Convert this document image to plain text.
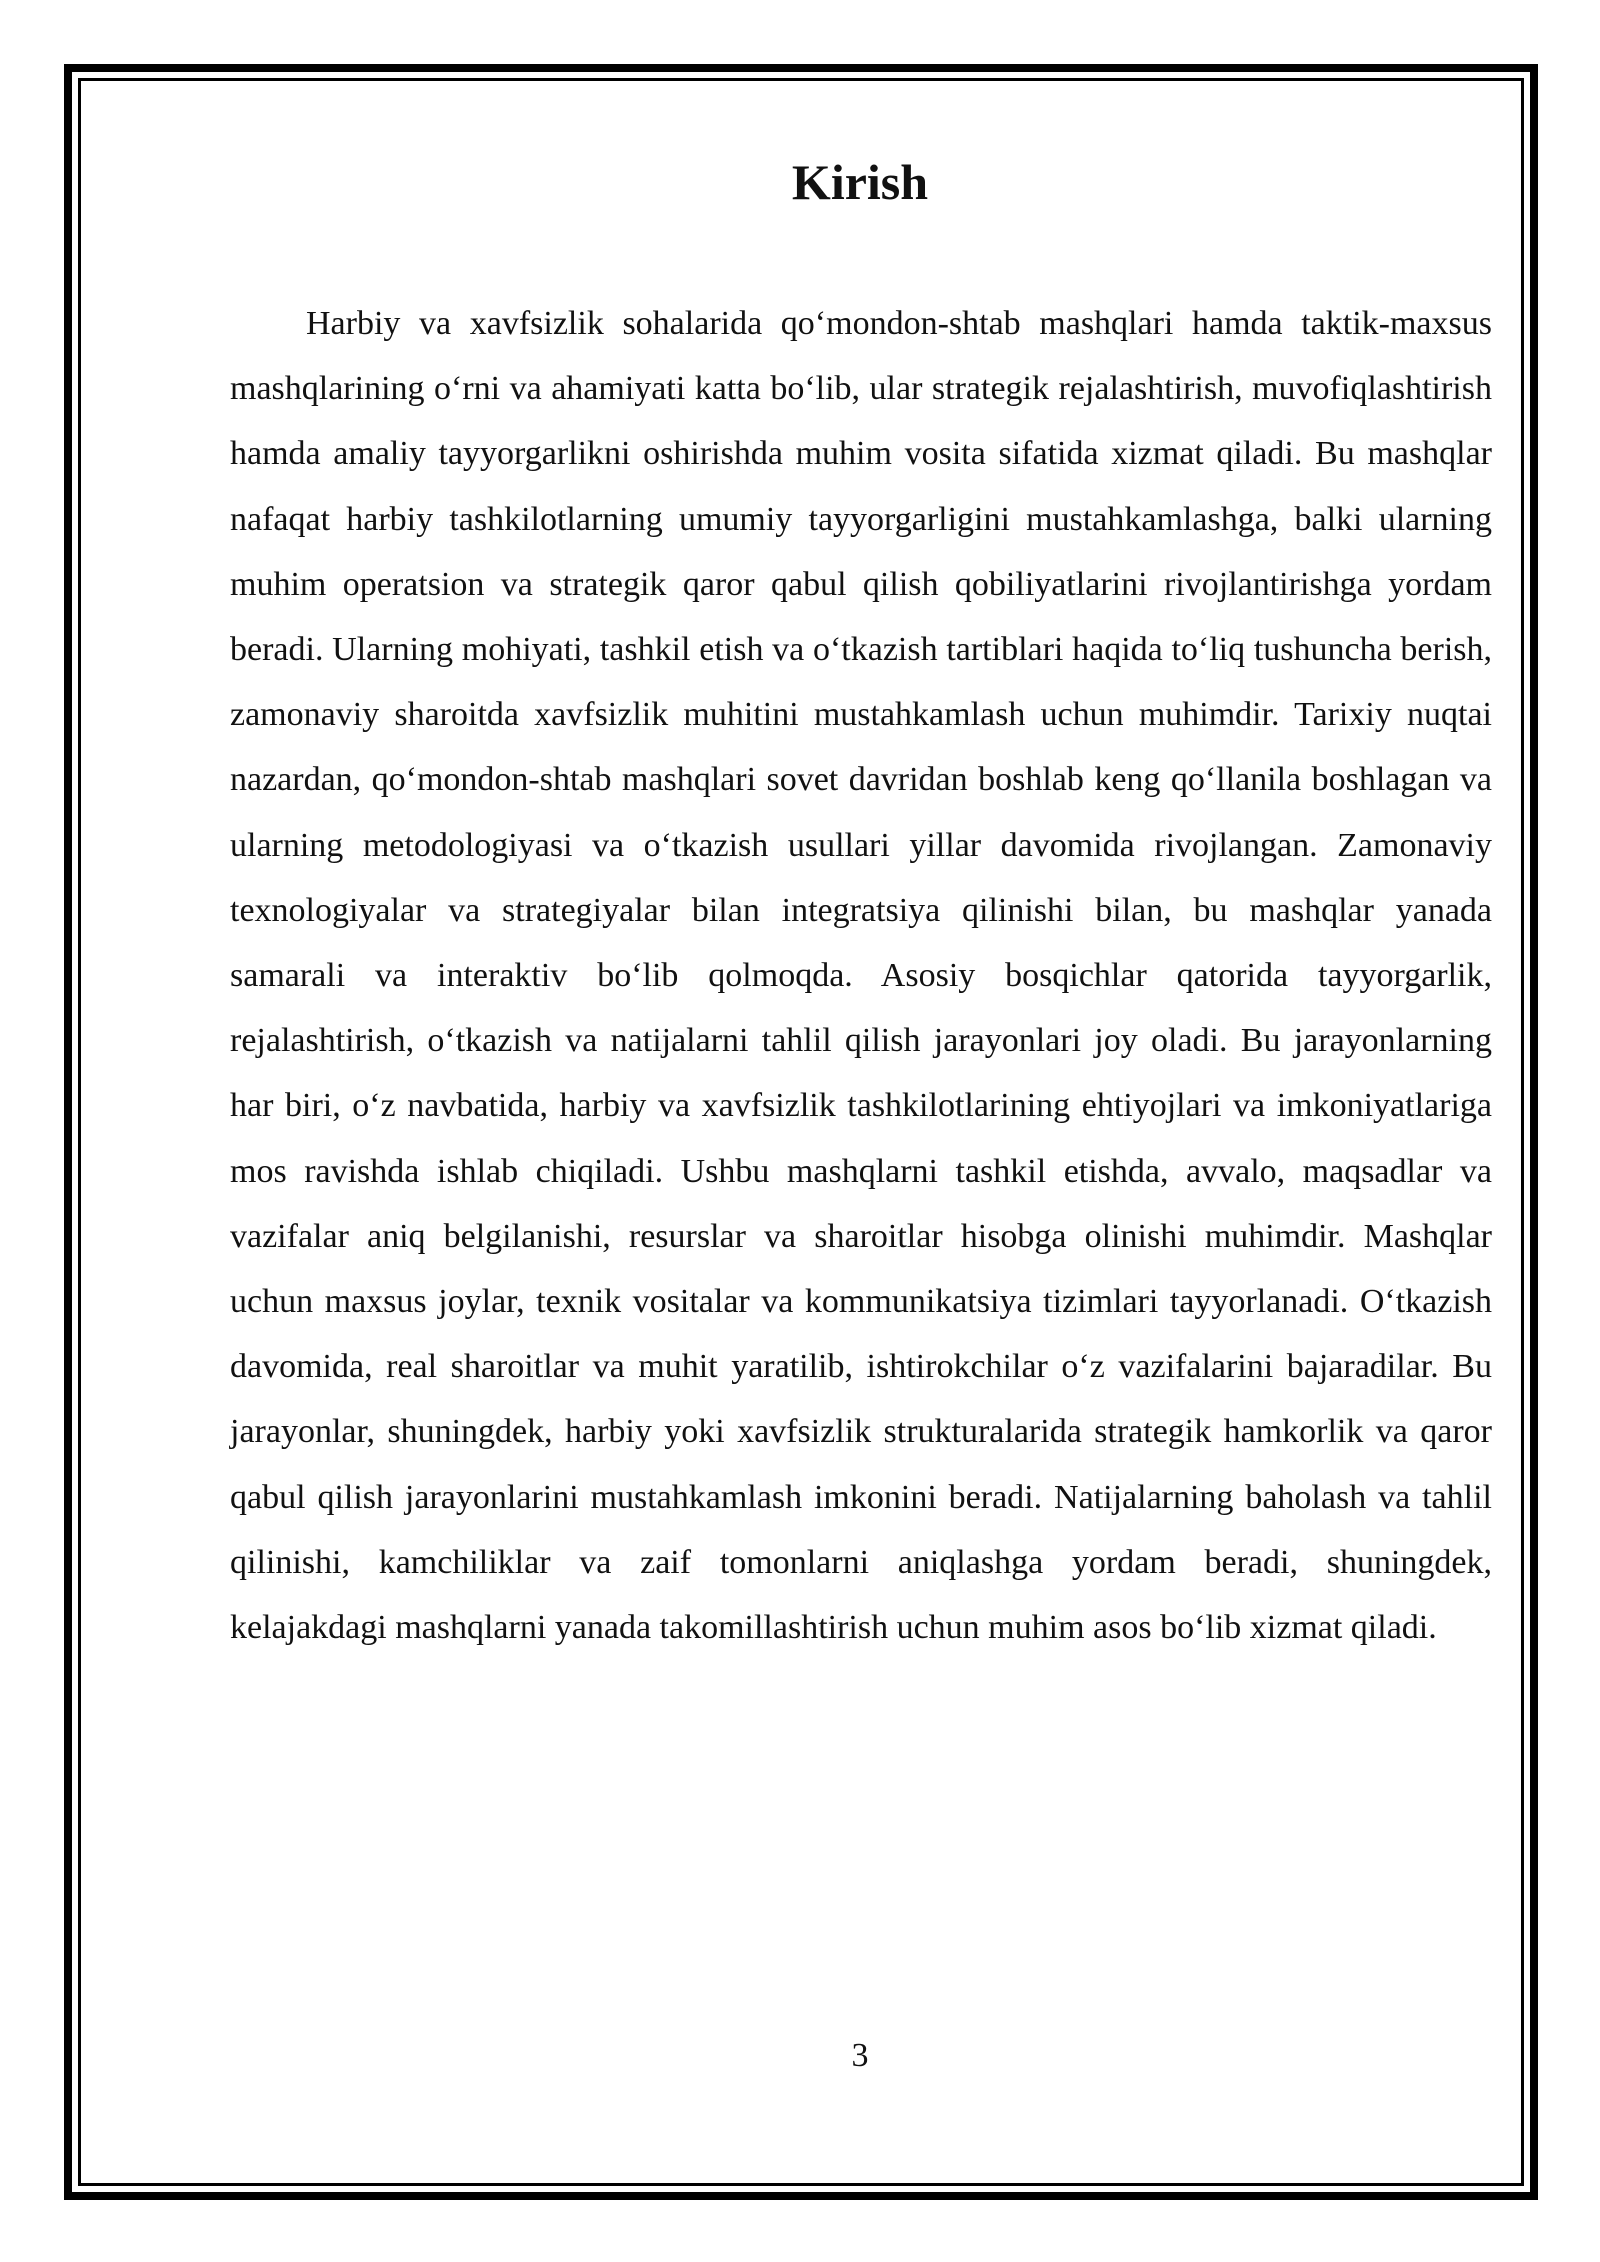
Kirish

Harbiy va xavfsizlik sohalarida qo‘mondon-shtab mashqlari hamda taktik-maxsus mashqlarining o‘rni va ahamiyati katta bo‘lib, ular strategik rejalashtirish, muvofiqlashtirish hamda amaliy tayyorgarlikni oshirishda muhim vosita sifatida xizmat qiladi. Bu mashqlar nafaqat harbiy tashkilotlarning umumiy tayyorgarligini mustahkamlashga, balki ularning muhim operatsion va strategik qaror qabul qilish qobiliyatlarini rivojlantirishga yordam beradi. Ularning mohiyati, tashkil etish va o‘tkazish tartiblari haqida to‘liq tushuncha berish, zamonaviy sharoitda xavfsizlik muhitini mustahkamlash uchun muhimdir. Tarixiy nuqtai nazardan, qo‘mondon-shtab mashqlari sovet davridan boshlab keng qo‘llanila boshlagan va ularning metodologiyasi va o‘tkazish usullari yillar davomida rivojlangan. Zamonaviy texnologiyalar va strategiyalar bilan integratsiya qilinishi bilan, bu mashqlar yanada samarali va interaktiv bo‘lib qolmoqda. Asosiy bosqichlar qatorida tayyorgarlik, rejalashtirish, o‘tkazish va natijalarni tahlil qilish jarayonlari joy oladi. Bu jarayonlarning har biri, o‘z navbatida, harbiy va xavfsizlik tashkilotlarining ehtiyojlari va imkoniyatlariga mos ravishda ishlab chiqiladi. Ushbu mashqlarni tashkil etishda, avvalo, maqsadlar va vazifalar aniq belgilanishi, resurslar va sharoitlar hisobga olinishi muhimdir. Mashqlar uchun maxsus joylar, texnik vositalar va kommunikatsiya tizimlari tayyorlanadi. O‘tkazish davomida, real sharoitlar va muhit yaratilib, ishtirokchilar o‘z vazifalarini bajaradilar. Bu jarayonlar, shuningdek, harbiy yoki xavfsizlik strukturalarida strategik hamkorlik va qaror qabul qilish jarayonlarini mustahkamlash imkonini beradi. Natijalarning baholash va tahlil qilinishi, kamchiliklar va zaif tomonlarni aniqlashga yordam beradi, shuningdek, kelajakdagi mashqlarni yanada takomillashtirish uchun muhim asos bo‘lib xizmat qiladi.

3
